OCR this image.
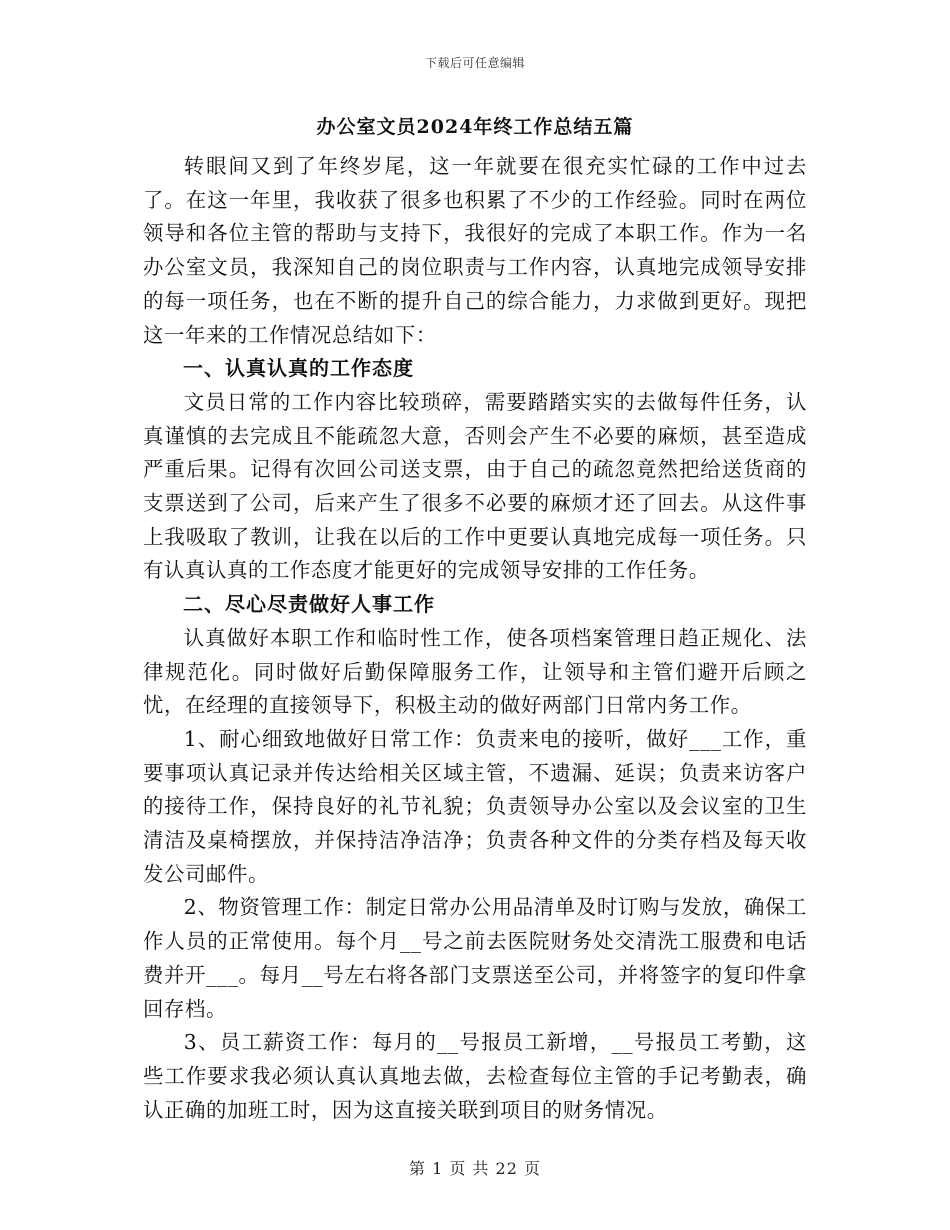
下载后可任意编辑
办公室文员2024年终工作总结五篇

转眼间又到了年终岁尾，这一年就要在很充实忙碌的工作中过去了。在这一年里，我收获了很多也积累了不少的工作经验。同时在两位领导和各位主管的帮助与支持下，我很好的完成了本职工作。作为一名办公室文员，我深知自己的岗位职责与工作内容，认真地完成领导安排的每一项任务，也在不断的提升自己的综合能力，力求做到更好。现把这一年来的工作情况总结如下：

一、认真认真的工作态度

文员日常的工作内容比较琐碎，需要踏踏实实的去做每件任务，认真谨慎的去完成且不能疏忽大意，否则会产生不必要的麻烦，甚至造成严重后果。记得有次回公司送支票，由于自己的疏忽竟然把给送货商的支票送到了公司，后来产生了很多不必要的麻烦才还了回去。从这件事上我吸取了教训，让我在以后的工作中更要认真地完成每一项任务。只有认真认真的工作态度才能更好的完成领导安排的工作任务。

二、尽心尽责做好人事工作

认真做好本职工作和临时性工作，使各项档案管理日趋正规化、法律规范化。同时做好后勤保障服务工作，让领导和主管们避开后顾之忧，在经理的直接领导下，积极主动的做好两部门日常内务工作。

1、耐心细致地做好日常工作：负责来电的接听，做好___工作，重要事项认真记录并传达给相关区域主管，不遗漏、延误；负责来访客户的接待工作，保持良好的礼节礼貌；负责领导办公室以及会议室的卫生清洁及桌椅摆放，并保持洁净洁净；负责各种文件的分类存档及每天收发公司邮件。

2、物资管理工作：制定日常办公用品清单及时订购与发放，确保工作人员的正常使用。每个月__号之前去医院财务处交清洗工服费和电话费并开___。每月__号左右将各部门支票送至公司，并将签字的复印件拿回存档。

3、员工薪资工作：每月的__号报员工新增，__号报员工考勤，这些工作要求我必须认真认真地去做，去检查每位主管的手记考勤表，确认正确的加班工时，因为这直接关联到项目的财务情况。

第 1 页 共 22 页
